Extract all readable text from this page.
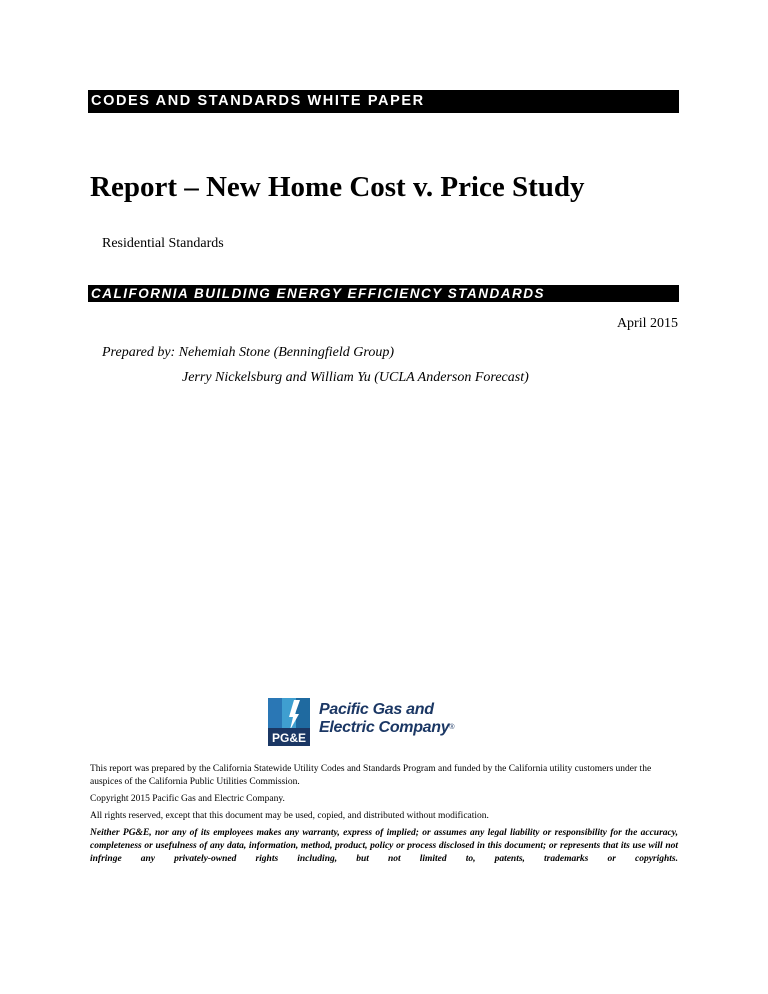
CODES AND STANDARDS WHITE PAPER
Report – New Home Cost v. Price Study
Residential Standards
CALIFORNIA BUILDING ENERGY EFFICIENCY STANDARDS
April 2015
Prepared by: Nehemiah Stone (Benningfield Group)
Jerry Nickelsburg and William Yu (UCLA Anderson Forecast)
PG&E
Pacific Gas and
Electric Company®

This report was prepared by the California Statewide Utility Codes and Standards Program and funded by the California utility customers under the auspices of the California Public Utilities Commission.

Copyright 2015 Pacific Gas and Electric Company.

All rights reserved, except that this document may be used, copied, and distributed without modification.

Neither PG&E, nor any of its employees makes any warranty, express of implied; or assumes any legal liability or responsibility for the accuracy, completeness or usefulness of any data, information, method, product, policy or process disclosed in this document; or represents that its use will not infringe any privately-owned rights including, but not limited to, patents, trademarks or copyrights.
